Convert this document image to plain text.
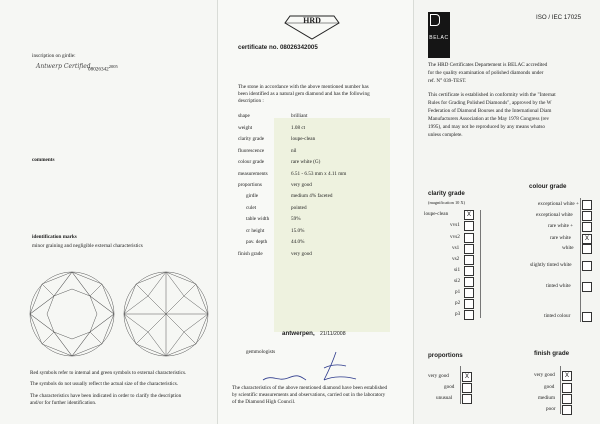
inscription on girdle:
Antwerp Certified
$08026342^{2005}$
comments
identification marks
minor graining and negligible external characteristics
Red symbols refer to internal and green symbols to external characteristics.
The symbols do not usually reflect the actual size of the characteristics.
The characteristics have been indicated in order to clarify the description
and/or for further identification.
HRD
certificate no. 08026342005
The stone in accordance with the above mentioned number has
been identified as a natural gem diamond and has the following
description :
shape	brilliant
weight	1.08 ct
clarity grade	loupe-clean
fluorescence	nil
colour grade	rare white (G)
measurements	6.51 - 6.53 mm x 4.11 mm
proportions	very good
girdle	medium 4% faceted
culet	pointed
table width	59%
cr height	15.0%
pav. depth	44.0%
finish grade	very good
antwerpen, 21/11/2008
gemmologists
The characteristics of the above mentioned diamond have been established
by scientific measurements and observations, carried out in the laboratory
of the Diamond High Council.
BELAC
ISO / IEC 17025
The HRD Certificates Departement is BELAC accredited
for the quality examination of polished diamonds under
ref. N° 039-TEST.
This certificate is established in conformity with the "Internat
Rules for Grading Polished Diamonds", approved by the W
Federation of Diamond Bourses and the International Diam
Manufacturers Association at the May 1978 Congress (rev
1995), and may not be reproduced by any means whatso
unless complete.
clarity grade
(magnification 10 X)
loupe-clean	X
vvs1
vvs2
vs1
vs2
si1
si2
p1
p2
p3
colour grade
exceptional white +
exceptional white
rare white +
rare white	X
white
slightly tinted white
tinted white
tinted colour
proportions
very good	X
good
unusual
finish grade
very good	X
good
medium
poor
